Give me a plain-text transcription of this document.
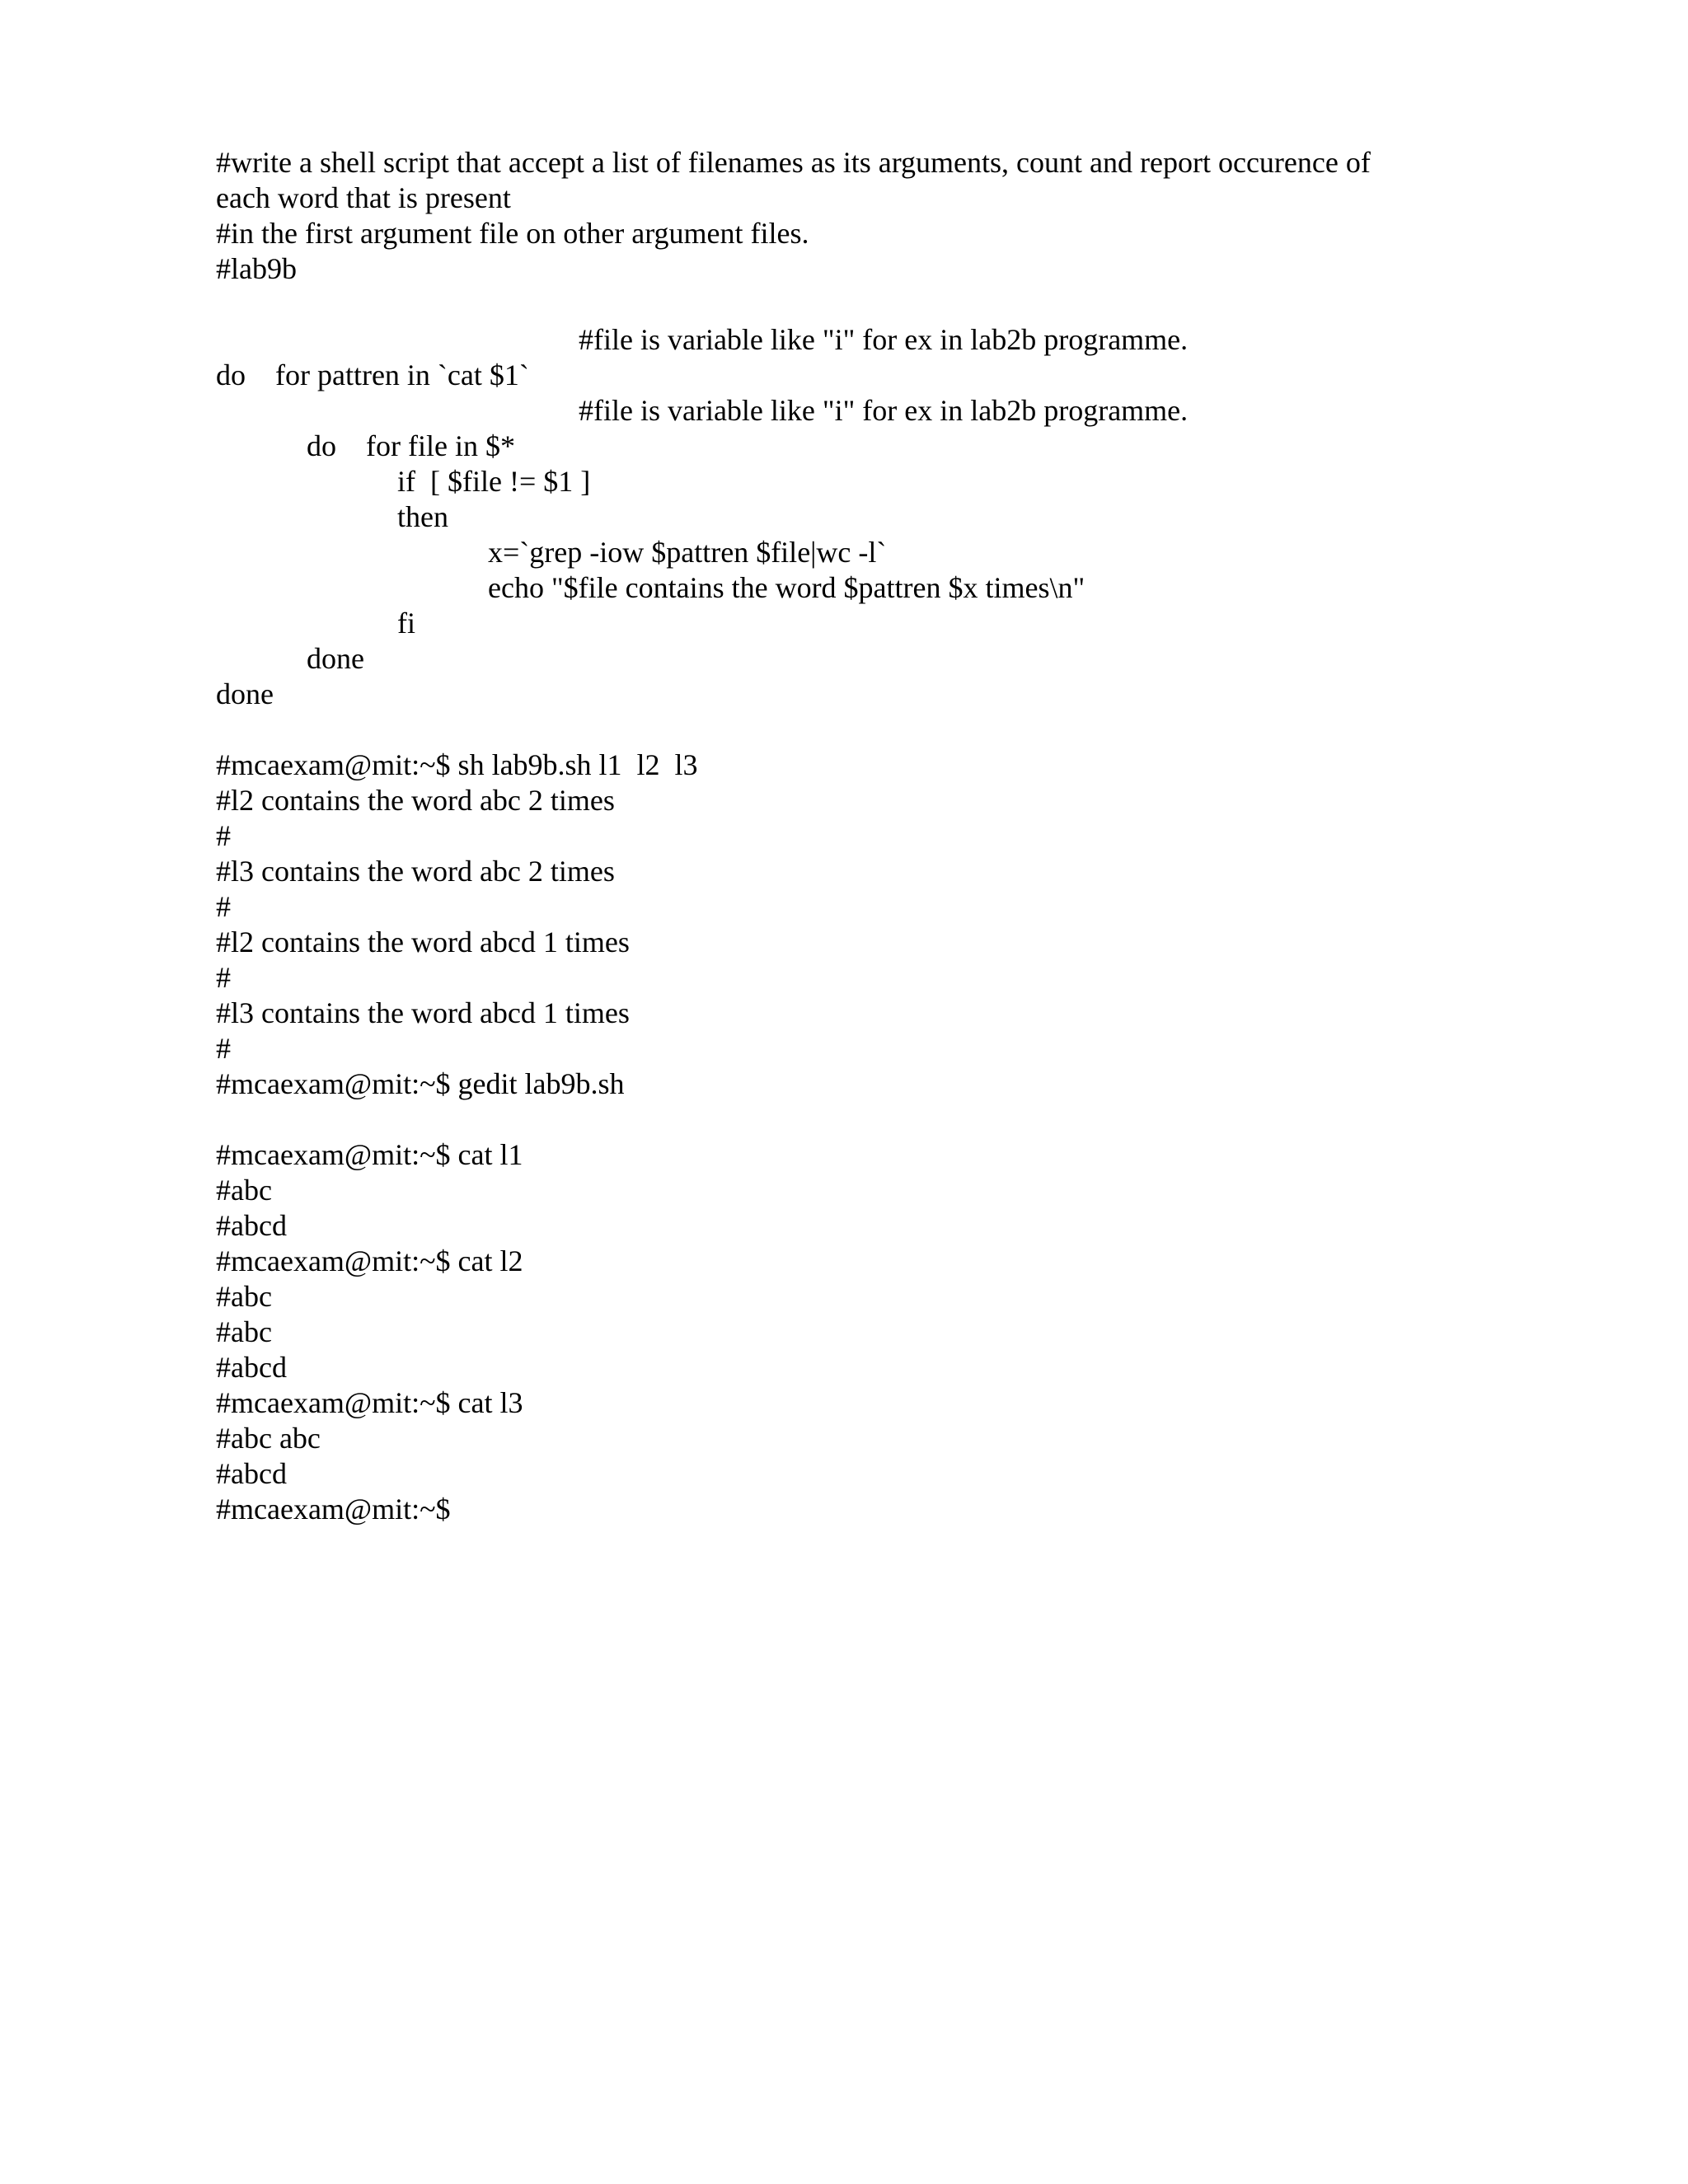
#write a shell script that accept a list of filenames as its arguments, count and report occurence of
each word that is present
#in the first argument file on other argument files.
#lab9b

for pattren in `cat $1`

#file is variable like "i" for ex in lab2b programme.

do

for file in $*

#file is variable like "i" for ex in lab2b programme.

do
if  [ $file != $1 ]
then
x=`grep -iow $pattren $file|wc -l`
echo "$file contains the word $pattren $x times\n"
fi
done
done
#mcaexam@mit:~$ sh lab9b.sh l1  l2  l3
#l2 contains the word abc 2 times
#
#l3 contains the word abc 2 times
#
#l2 contains the word abcd 1 times
#
#l3 contains the word abcd 1 times
#
#mcaexam@mit:~$ gedit lab9b.sh
#mcaexam@mit:~$ cat l1
#abc
#abcd
#mcaexam@mit:~$ cat l2
#abc
#abc
#abcd
#mcaexam@mit:~$ cat l3
#abc abc
#abcd
#mcaexam@mit:~$
